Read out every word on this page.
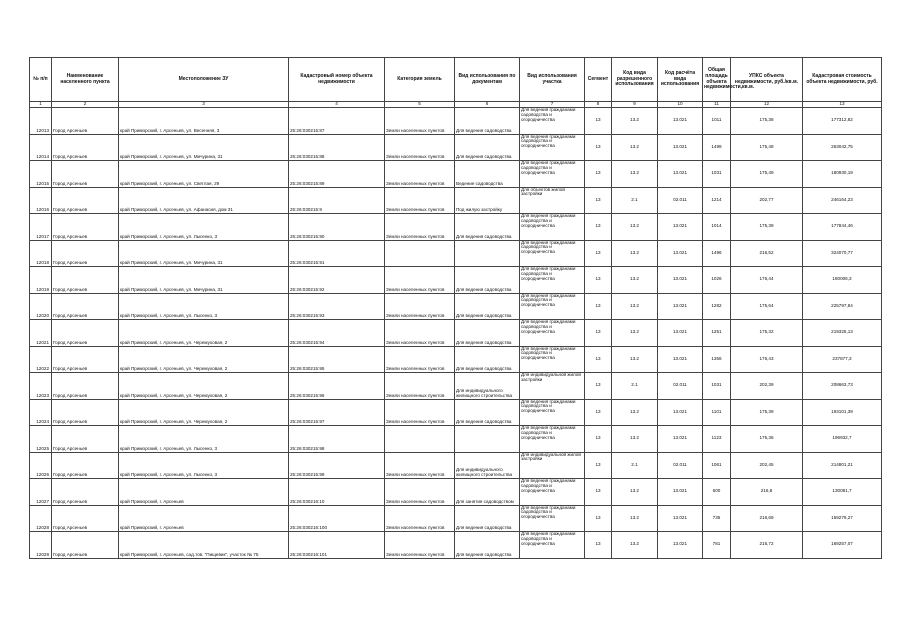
№ п/п	Наименование населенного пункта	Местоположение ЗУ	Кадастровый номер объекта недвижимости	Категория земель	Вид использования по документам	Вид использования участка	Сегмент	Код вида разрешенного использования	Код расчёта вида использования	Общая площадь объекта недвижимости,кв.м.	УПКС объекта недвижимости, руб./кв.м.	Кадастровая стоимость объекта недвижимости, руб.
1	2	3	4	5	6	7	8	9	10	11	12	13
12013	Город Арсеньев	край Приморский, г. Арсеньев, ул. Весенняя, 3	25:26:030215:87	Земли населенных пунктов	Для ведения садоводства	Для ведения гражданами садоводства и огородничества	13	13.2	13.021	1011	175,38	177312,82
12014	Город Арсеньев	край Приморский, г. Арсеньев, ул. Мичурина, 31	25:26:030215:88	Земли населенных пунктов	Для ведения садоводства	Для ведения гражданами садоводства и огородничества	13	13.2	13.021	1499	175,48	263042,75
12015	Город Арсеньев	край Приморский, г. Арсеньев, ул. Светлая, 29	25:26:030215:89	Земли населенных пунктов	Ведение садоводства	Для ведения гражданами садоводства и огородничества	13	13.2	13.021	1031	175,49	180930,19
12016	Город Арсеньев	край Приморский, г. Арсеньев, ул. Афанасия, дом 31	25:26:030215:9	Земли населенных пунктов	Под жилую застройку	Для объектов жилой застройки	13	2.1	02.011	1214	202,77	246164,23
12017	Город Арсеньев	край Приморский, г. Арсеньев, ул. Лысенко, 3	25:26:030215:90	Земли населенных пунктов	Для ведения садоводства	Для ведения гражданами садоводства и огородничества	13	13.2	13.021	1014	175,39	177844,46
12018	Город Арсеньев	край Приморский, г. Арсеньев, ул. Мичурина, 31	25:26:030215:91			Для ведения гражданами садоводства и огородничества	13	13.2	13.021	1496	216,52	324070,77
12019	Город Арсеньев	край Приморский, г. Арсеньев, ул. Мичурина, 31	25:26:030215:92	Земли населенных пунктов	Для ведения садоводства	Для ведения гражданами садоводства и огородничества	13	13.2	13.021	1026	175,44	180006,3
12020	Город Арсеньев	край Приморский, г. Арсеньев, ул. Лысенко, 3	25:26:030215:93	Земли населенных пунктов	Для ведения садоводства	Для ведения гражданами садоводства и огородничества	13	13.2	13.021	1282	175,64	225797,84
12021	Город Арсеньев	край Приморский, г. Арсеньев, ул. Черемуховая, 2	25:26:030215:94	Земли населенных пунктов	Для ведения садоводства	Для ведения гражданами садоводства и огородничества	13	13.2	13.021	1251	175,32	219325,13
12022	Город Арсеньев	край Приморский, г. Арсеньев, ул. Черемуховая, 2	25:26:030215:95	Земли населенных пунктов	Для ведения садоводства	Для ведения гражданами садоводства и огородничества	13	13.2	13.021	1356	175,43	237877,3
12023	Город Арсеньев	край Приморский, г. Арсеньев, ул. Черемуховая, 2	25:26:030215:96	Земли населенных пунктов	Для индивидуального жилищного строительства	Для индивидуальной жилой застройки	13	2.1	02.011	1031	202,39	208663,73
12024	Город Арсеньев	край Приморский, г. Арсеньев, ул. Черемуховая, 2	25:26:030215:97	Земли населенных пунктов	Для ведения садоводства	Для ведения гражданами садоводства и огородничества	13	13.2	13.021	1101	175,39	193101,39
12025	Город Арсеньев	край Приморский, г. Арсеньев, ул. Лысенко, 3	25:26:030215:98			Для ведения гражданами садоводства и огородничества	13	13.2	13.021	1123	175,36	196932,7
12026	Город Арсеньев	край Приморский, г. Арсеньев, ул. Лысенко, 3	25:26:030215:99	Земли населенных пунктов	Для индивидуального жилищного строительства	Для индивидуальной жилой застройки	13	2.1	02.011	1061	202,45	214801,21
12027	Город Арсеньев	край Приморский, г. Арсеньев	25:26:030216:10	Земли населенных пунктов	Для занятия садоводством	Для ведения гражданами садоводства и огородничества	13	13.2	13.021	600	216,8	130081,7
12028	Город Арсеньев	край Приморский, г. Арсеньев	25:26:030216:100	Земли населенных пунктов	Для ведения садоводства	Для ведения гражданами садоводства и огородничества	13	13.2	13.021	735	216,69	159279,27
12029	Город Арсеньев	край Приморский, г. Арсеньев, сад.тов. "Пищевик", участок № 75	25:26:030216:101	Земли населенных пунктов	Для ведения садоводства	Для ведения гражданами садоводства и огородничества	13	13.2	13.021	781	216,72	169257,07
